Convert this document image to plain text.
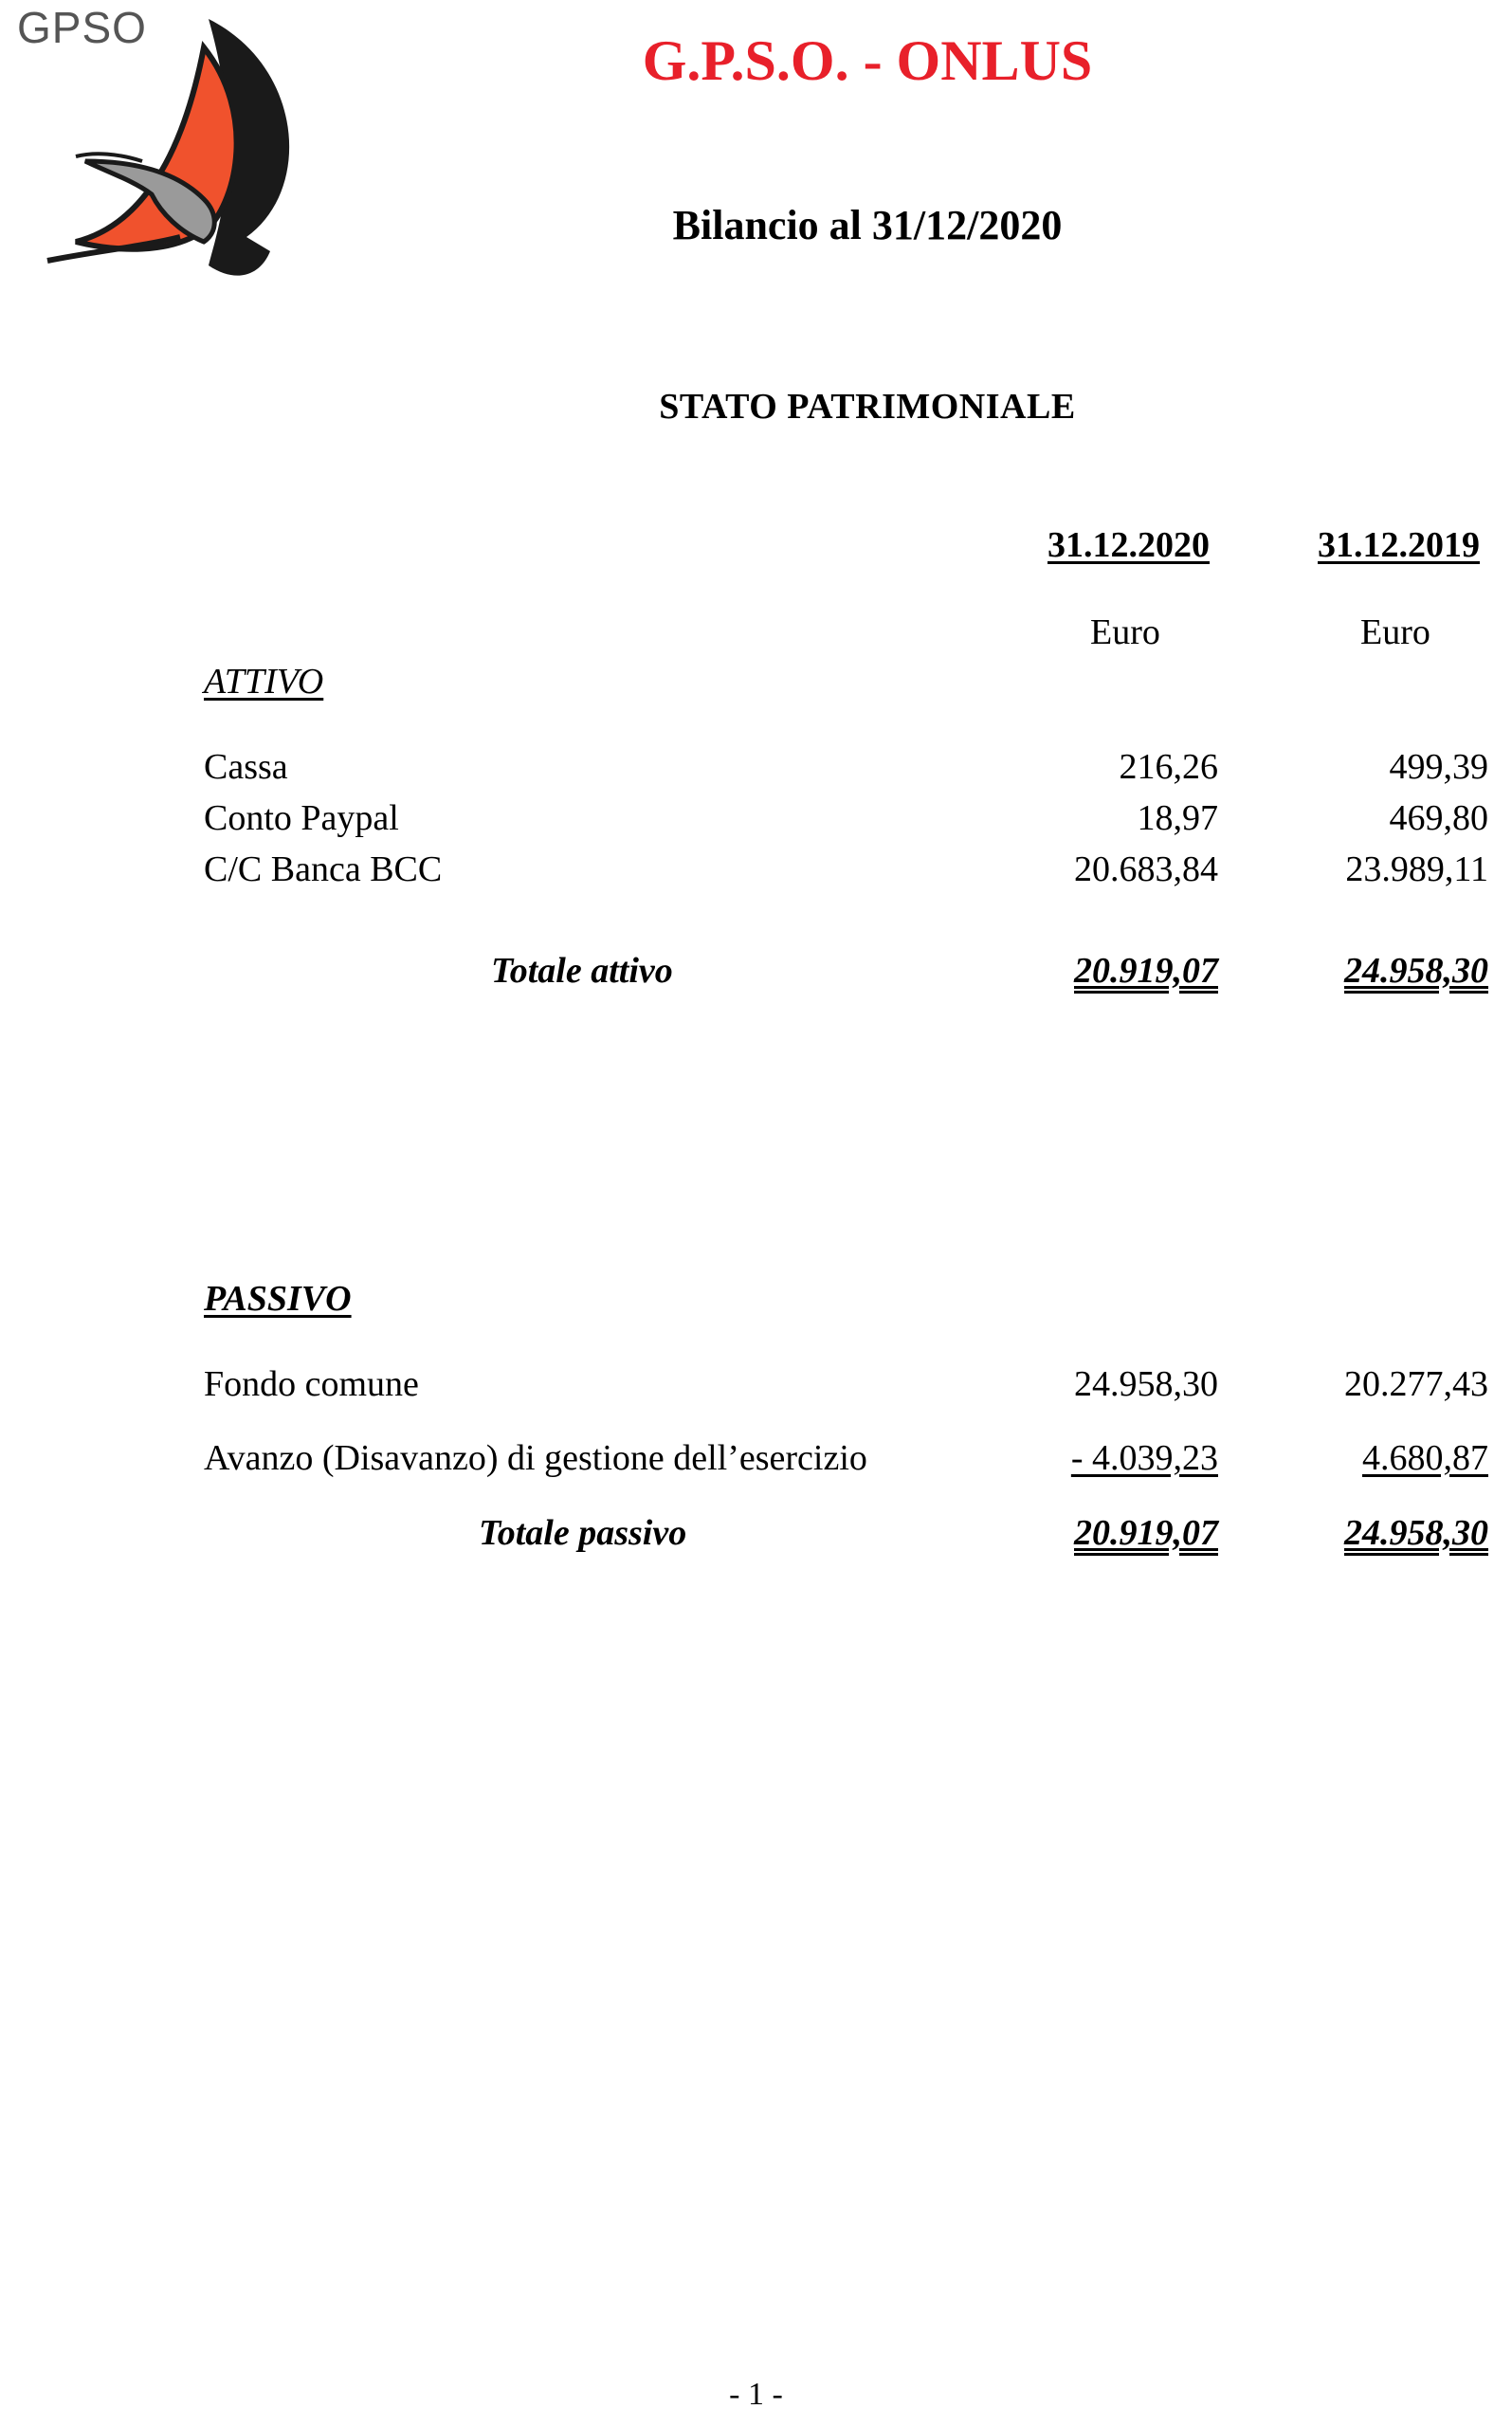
GPSO
G.P.S.O. - ONLUS
Bilancio al 31/12/2020
STATO PATRIMONIALE
31.12.2020	31.12.2019
Euro	Euro
ATTIVO
Cassa	216,26	499,39
Conto Paypal	18,97	469,80
C/C Banca BCC	20.683,84	23.989,11
Totale attivo	20.919,07	24.958,30
PASSIVO
Fondo comune	24.958,30	20.277,43
Avanzo (Disavanzo) di gestione dell’esercizio	- 4.039,23	4.680,87
Totale passivo	20.919,07	24.958,30
- 1 -
